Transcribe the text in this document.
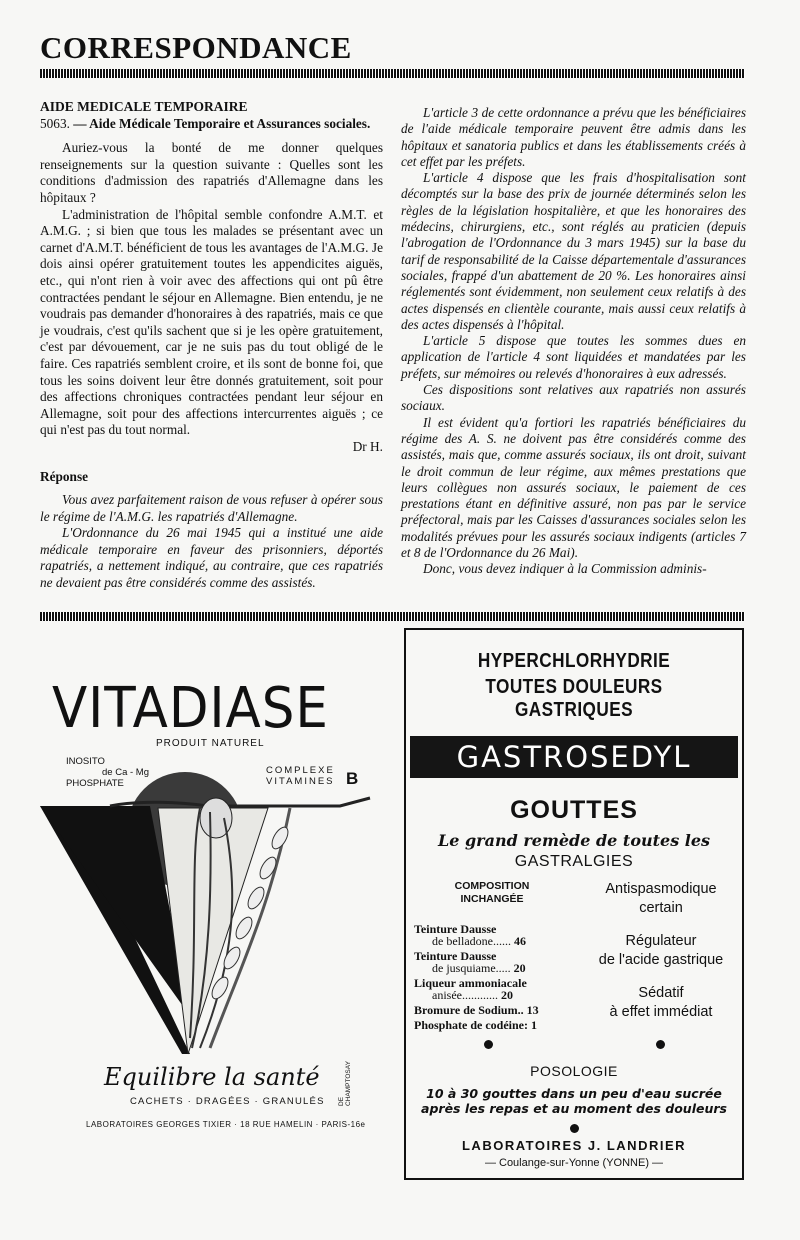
CORRESPONDANCE

AIDE MEDICALE TEMPORAIRE

5063. — Aide Médicale Temporaire et Assurances sociales.

Auriez-vous la bonté de me donner quelques renseignements sur la question suivante : Quelles sont les conditions d'admission des rapatriés d'Allemagne dans les hôpitaux ?

L'administration de l'hôpital semble confondre A.M.T. et A.M.G. ; si bien que tous les malades se présentant avec un carnet d'A.M.T. bénéficient de tous les avantages de l'A.M.G. Je dois ainsi opérer gratuitement toutes les appendicites aiguës, etc., qui n'ont rien à voir avec des affections qui ont pû être contractées pendant le séjour en Allemagne. Bien entendu, je ne voudrais pas demander d'honoraires à des rapatriés, mais ce que je voudrais, c'est qu'ils sachent que si je les opère gratuitement, c'est par dévouement, car je ne suis pas du tout obligé de le faire. Ces rapatriés semblent croire, et ils sont de bonne foi, que tous les soins doivent leur être donnés gratuitement, soit pour des affections chroniques contractées pendant leur séjour en Allemagne, soit pour des affections intercurrentes aiguës ; ce qui n'est pas du tout normal.

Dr H.

Réponse

Vous avez parfaitement raison de vous refuser à opérer sous le régime de l'A.M.G. les rapatriés d'Allemagne.

L'Ordonnance du 26 mai 1945 qui a institué une aide médicale temporaire en faveur des prisonniers, déportés rapatriés, a nettement indiqué, au contraire, que ces rapatriés ne devaient pas être considérés comme des assistés.

L'article 3 de cette ordonnance a prévu que les bénéficiaires de l'aide médicale temporaire peuvent être admis dans les hôpitaux et sanatoria publics et dans les établissements créés à cet effet par les préfets.

L'article 4 dispose que les frais d'hospitalisation sont décomptés sur la base des prix de journée déterminés selon les règles de la législation hospitalière, et que les honoraires des médecins, chirurgiens, etc., sont réglés au praticien (depuis l'abrogation de l'Ordonnance du 3 mars 1945) sur la base du tarif de responsabilité de la Caisse départementale d'assurances sociales, frappé d'un abattement de 20 %. Les honoraires ainsi réglementés sont évidemment, non seulement ceux relatifs à des actes dispensés en clientèle courante, mais aussi ceux relatifs à des actes dispensés à l'hôpital.

L'article 5 dispose que toutes les sommes dues en application de l'article 4 sont liquidées et mandatées par les préfets, sur mémoires ou relevés d'honoraires à eux adressés.

Ces dispositions sont relatives aux rapatriés non assurés sociaux.

Il est évident qu'a fortiori les rapatriés bénéficiaires du régime des A. S. ne doivent pas être considérés comme des assistés, mais que, comme assurés sociaux, ils ont droit, suivant le droit commun de leur régime, aux mêmes prestations que leurs collègues non assurés sociaux, le paiement de ces prestations étant en définitive assuré, non pas par le service préfectoral, mais par les Caisses d'assurances sociales selon les modalités prévues pour les assurés sociaux indigents (articles 7 et 8 de l'Ordonnance du 26 Mai).

Donc, vous devez indiquer à la Commission adminis-

VITADIASE
PRODUIT NATUREL
INOSITO
de Ca - Mg
PHOSPHATE
COMPLEXE
VITAMINES B
Equilibre la santé
CACHETS · DRAGÉES · GRANULÉS
LABORATOIRES GEORGES TIXIER · 18 RUE HAMELIN · PARIS-16e
DE CHAMPTOSAY
HYPERCHLORHYDRIE
TOUTES DOULEURS GASTRIQUES
GASTROSEDYL
GOUTTES
Le grand remède de toutes les
GASTRALGIES
COMPOSITION
INCHANGÉE
Teinture Dausse
de belladone...... 46
Teinture Dausse
de jusquiame..... 20
Liqueur ammoniacale
anisée............ 20
Bromure de Sodium.. 13
Phosphate de codéine: 1
Antispasmodique
certain
Régulateur
de l'acide gastrique
Sédatif
à effet immédiat
POSOLOGIE
10 à 30 gouttes dans un peu d'eau sucrée
après les repas et au moment des douleurs
LABORATOIRES J. LANDRIER
— Coulange-sur-Yonne (YONNE) —
